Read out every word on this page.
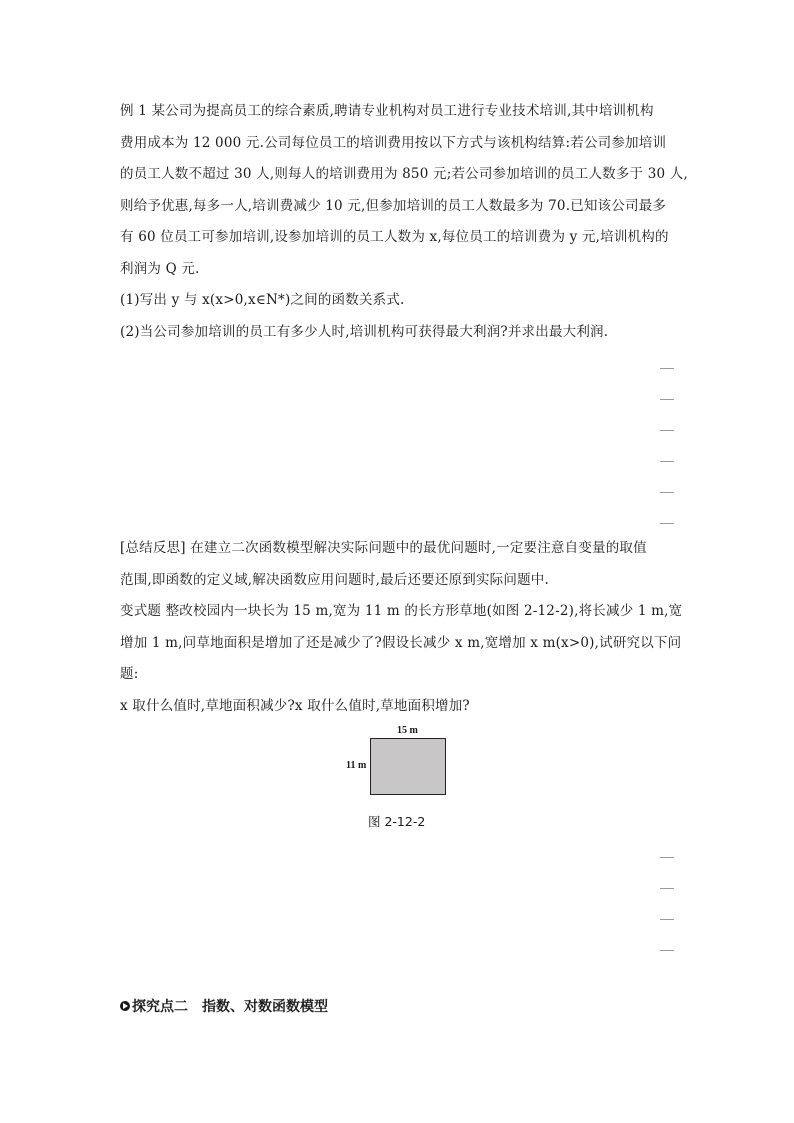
例 1 某公司为提高员工的综合素质,聘请专业机构对员工进行专业技术培训,其中培训机构
费用成本为 12 000 元.公司每位员工的培训费用按以下方式与该机构结算:若公司参加培训
的员工人数不超过 30 人,则每人的培训费用为 850 元;若公司参加培训的员工人数多于 30 人,
则给予优惠,每多一人,培训费减少 10 元,但参加培训的员工人数最多为 70.已知该公司最多
有 60 位员工可参加培训,设参加培训的员工人数为 x,每位员工的培训费为 y 元,培训机构的
利润为 Q 元.
(1)写出 y 与 x(x>0,x∈N*)之间的函数关系式.
(2)当公司参加培训的员工有多少人时,培训机构可获得最大利润?并求出最大利润.
[总结反思] 在建立二次函数模型解决实际问题中的最优问题时,一定要注意自变量的取值
范围,即函数的定义域,解决函数应用问题时,最后还要还原到实际问题中.
变式题 整改校园内一块长为 15 m,宽为 11 m 的长方形草地(如图 2-12-2),将长减少 1 m,宽
增加 1 m,问草地面积是增加了还是减少了?假设长减少 x m,宽增加 x m(x>0),试研究以下问
题:
x 取什么值时,草地面积减少?x 取什么值时,草地面积增加?
15 m
11 m
图 2-12-2
探究点二　指数、对数函数模型
